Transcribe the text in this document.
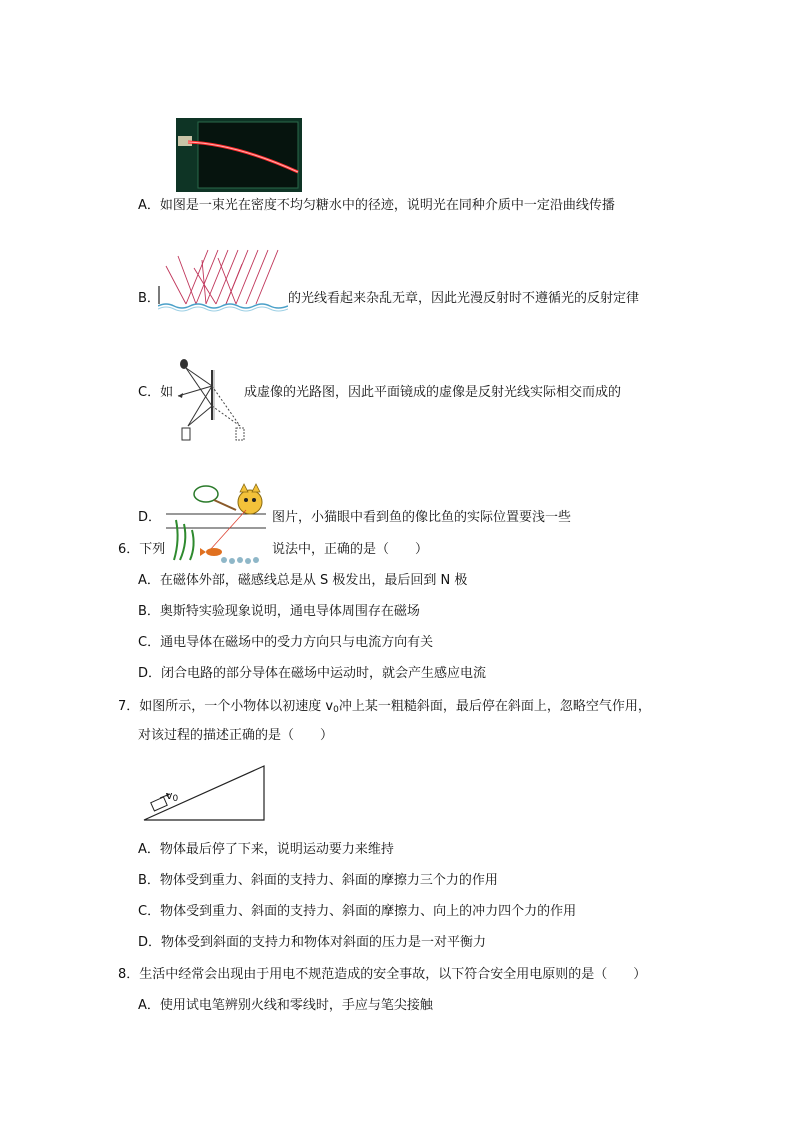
A．如图是一束光在密度不均匀糖水中的径迹，说明光在同种介质中一定沿曲线传播
B．	的光线看起来杂乱无章，因此光漫反射时不遵循光的反射定律
C．如	成虚像的光路图，因此平面镜成的虚像是反射光线实际相交而成的
D．	图片，小猫眼中看到鱼的像比鱼的实际位置要浅一些
6．下列	说法中，正确的是（　　）
A．在磁体外部，磁感线总是从 S 极发出，最后回到 N 极
B．奥斯特实验现象说明，通电导体周围存在磁场
C．通电导体在磁场中的受力方向只与电流方向有关
D．闭合电路的部分导体在磁场中运动时，就会产生感应电流
7．如图所示，一个小物体以初速度 $v_0$冲上某一粗糙斜面，最后停在斜面上，忽略空气作用，
对该过程的描述正确的是（　　）
$v_0$
A．物体最后停了下来，说明运动要力来维持
B．物体受到重力、斜面的支持力、斜面的摩擦力三个力的作用
C．物体受到重力、斜面的支持力、斜面的摩擦力、向上的冲力四个力的作用
D．物体受到斜面的支持力和物体对斜面的压力是一对平衡力
8．生活中经常会出现由于用电不规范造成的安全事故，以下符合安全用电原则的是（　　）
A．使用试电笔辨别火线和零线时，手应与笔尖接触
